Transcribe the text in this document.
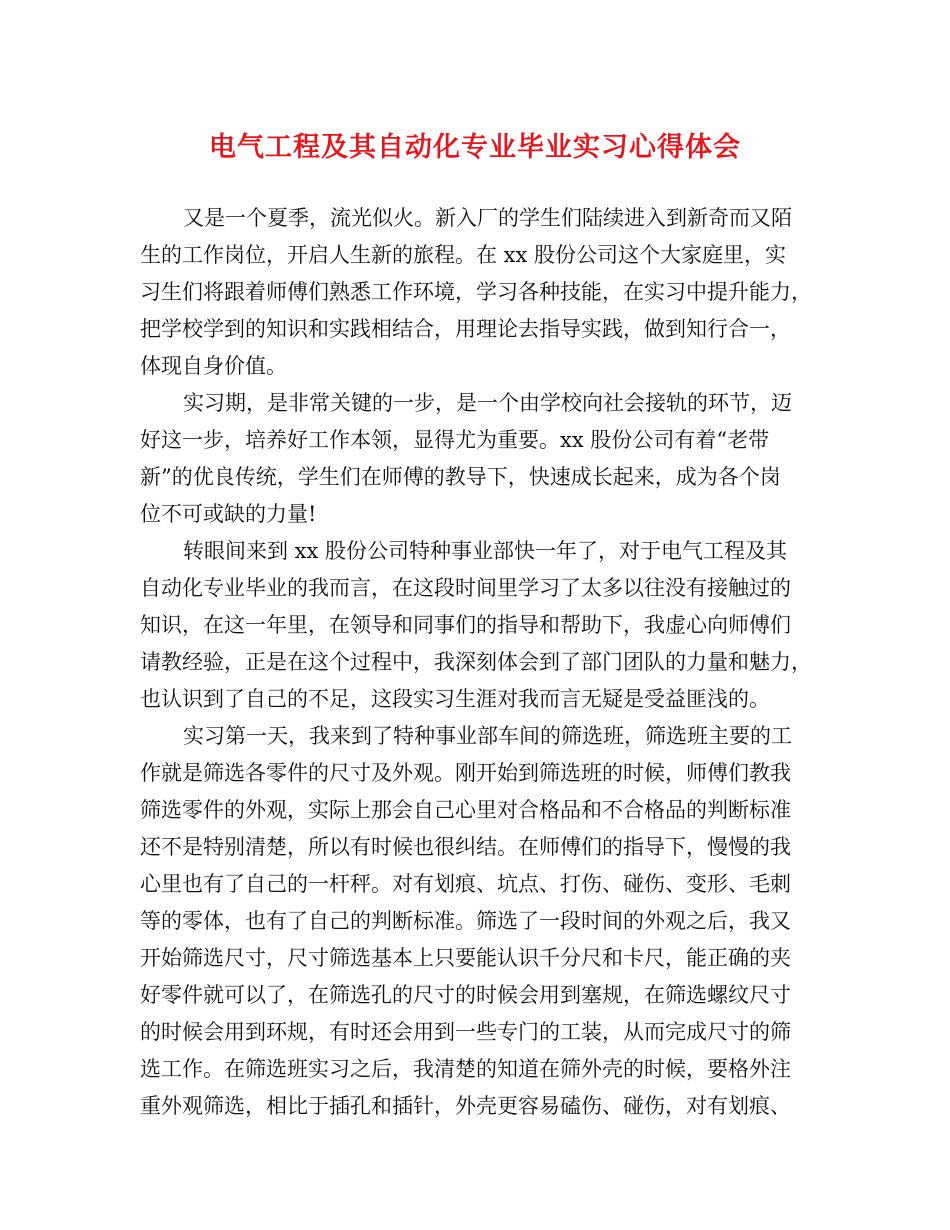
电气工程及其自动化专业毕业实习心得体会
又是一个夏季，流光似火。新入厂的学生们陆续进入到新奇而又陌
生的工作岗位，开启人生新的旅程。在 xx 股份公司这个大家庭里，实
习生们将跟着师傅们熟悉工作环境，学习各种技能，在实习中提升能力，
把学校学到的知识和实践相结合，用理论去指导实践，做到知行合一，
体现自身价值。
实习期，是非常关键的一步，是一个由学校向社会接轨的环节，迈
好这一步，培养好工作本领，显得尤为重要。xx 股份公司有着“老带
新”的优良传统，学生们在师傅的教导下，快速成长起来，成为各个岗
位不可或缺的力量!
转眼间来到 xx 股份公司特种事业部快一年了，对于电气工程及其
自动化专业毕业的我而言，在这段时间里学习了太多以往没有接触过的
知识，在这一年里，在领导和同事们的指导和帮助下，我虚心向师傅们
请教经验，正是在这个过程中，我深刻体会到了部门团队的力量和魅力，
也认识到了自己的不足，这段实习生涯对我而言无疑是受益匪浅的。
实习第一天，我来到了特种事业部车间的筛选班，筛选班主要的工
作就是筛选各零件的尺寸及外观。刚开始到筛选班的时候，师傅们教我
筛选零件的外观，实际上那会自己心里对合格品和不合格品的判断标准
还不是特别清楚，所以有时候也很纠结。在师傅们的指导下，慢慢的我
心里也有了自己的一杆秤。对有划痕、坑点、打伤、碰伤、变形、毛刺
等的零体，也有了自己的判断标准。筛选了一段时间的外观之后，我又
开始筛选尺寸，尺寸筛选基本上只要能认识千分尺和卡尺，能正确的夹
好零件就可以了，在筛选孔的尺寸的时候会用到塞规，在筛选螺纹尺寸
的时候会用到环规，有时还会用到一些专门的工装，从而完成尺寸的筛
选工作。在筛选班实习之后，我清楚的知道在筛外壳的时候，要格外注
重外观筛选，相比于插孔和插针，外壳更容易磕伤、碰伤，对有划痕、
